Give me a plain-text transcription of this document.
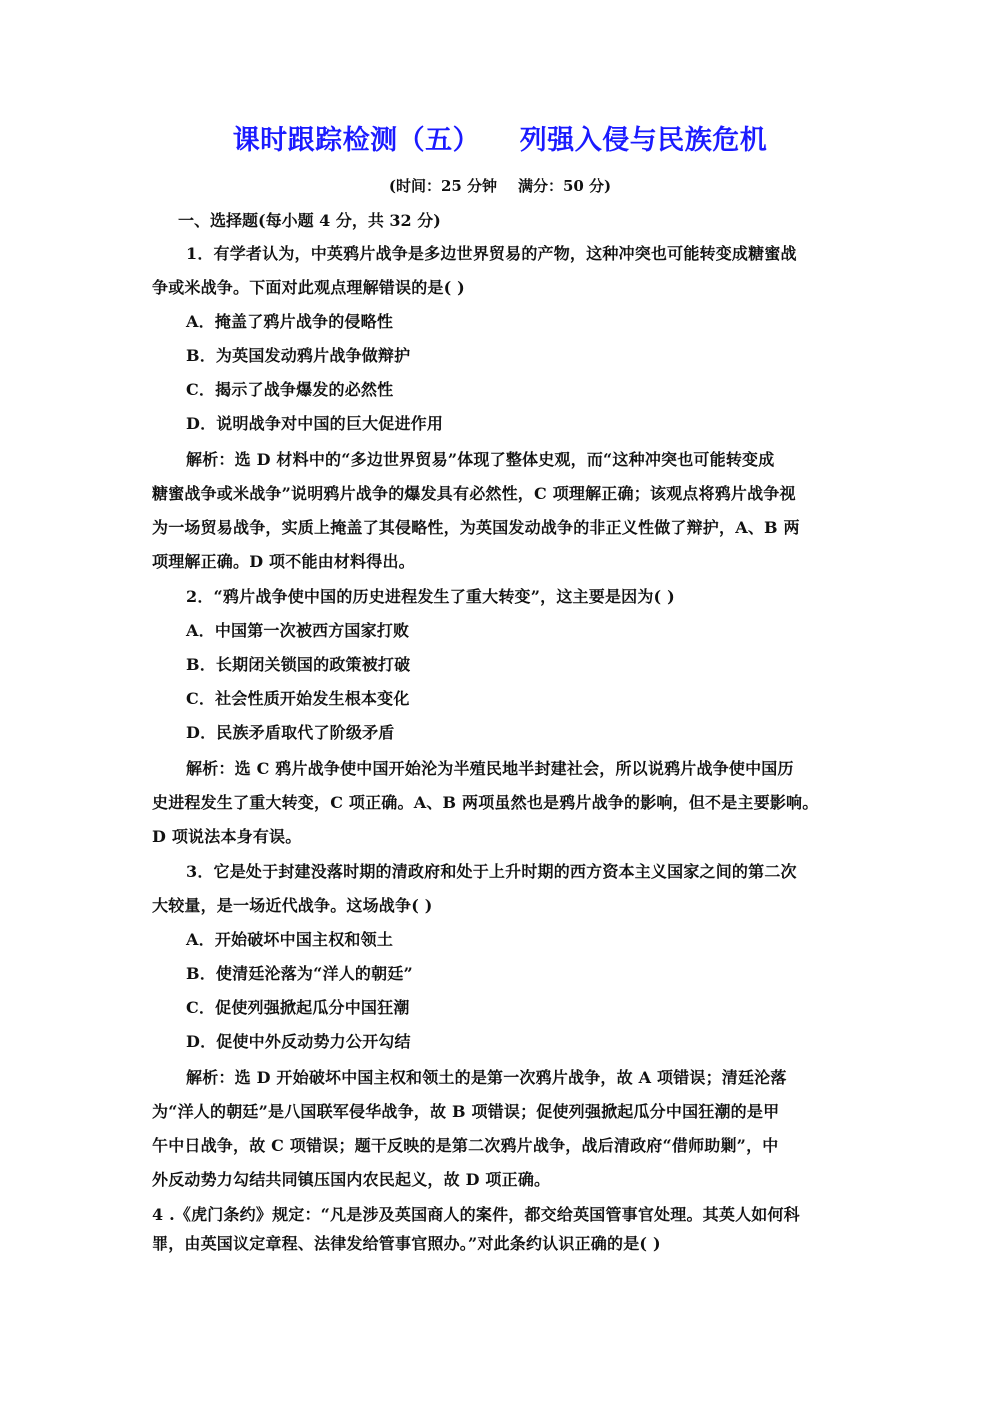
课时跟踪检测（五）    列强入侵与民族危机
(时间：25 分钟    满分：50 分)
一、选择题(每小题 4 分，共 32 分)
1．有学者认为，中英鸦片战争是多边世界贸易的产物，这种冲突也可能转变成糖蜜战
争或米战争。下面对此观点理解错误的是( )
A．掩盖了鸦片战争的侵略性
B．为英国发动鸦片战争做辩护
C．揭示了战争爆发的必然性
D．说明战争对中国的巨大促进作用
解析：选 D 材料中的“多边世界贸易”体现了整体史观，而“这种冲突也可能转变成
糖蜜战争或米战争”说明鸦片战争的爆发具有必然性，C 项理解正确；该观点将鸦片战争视
为一场贸易战争，实质上掩盖了其侵略性，为英国发动战争的非正义性做了辩护，A、B 两
项理解正确。D 项不能由材料得出。
2．“鸦片战争使中国的历史进程发生了重大转变”，这主要是因为( )
A．中国第一次被西方国家打败
B．长期闭关锁国的政策被打破
C．社会性质开始发生根本变化
D．民族矛盾取代了阶级矛盾
解析：选 C 鸦片战争使中国开始沦为半殖民地半封建社会，所以说鸦片战争使中国历
史进程发生了重大转变，C 项正确。A、B 两项虽然也是鸦片战争的影响，但不是主要影响。
D 项说法本身有误。
3．它是处于封建没落时期的清政府和处于上升时期的西方资本主义国家之间的第二次
大较量，是一场近代战争。这场战争( )
A．开始破坏中国主权和领土
B．使清廷沦落为“洋人的朝廷”
C．促使列强掀起瓜分中国狂潮
D．促使中外反动势力公开勾结
解析：选 D 开始破坏中国主权和领土的是第一次鸦片战争，故 A 项错误；清廷沦落
为“洋人的朝廷”是八国联军侵华战争，故 B 项错误；促使列强掀起瓜分中国狂潮的是甲
午中日战争，故 C 项错误；题干反映的是第二次鸦片战争，战后清政府“借师助剿”，中
外反动势力勾结共同镇压国内农民起义，故 D 项正确。
4 .《虎门条约》规定：“凡是涉及英国商人的案件，都交给英国管事官处理。其英人如何科
罪，由英国议定章程、法律发给管事官照办。”对此条约认识正确的是( )
